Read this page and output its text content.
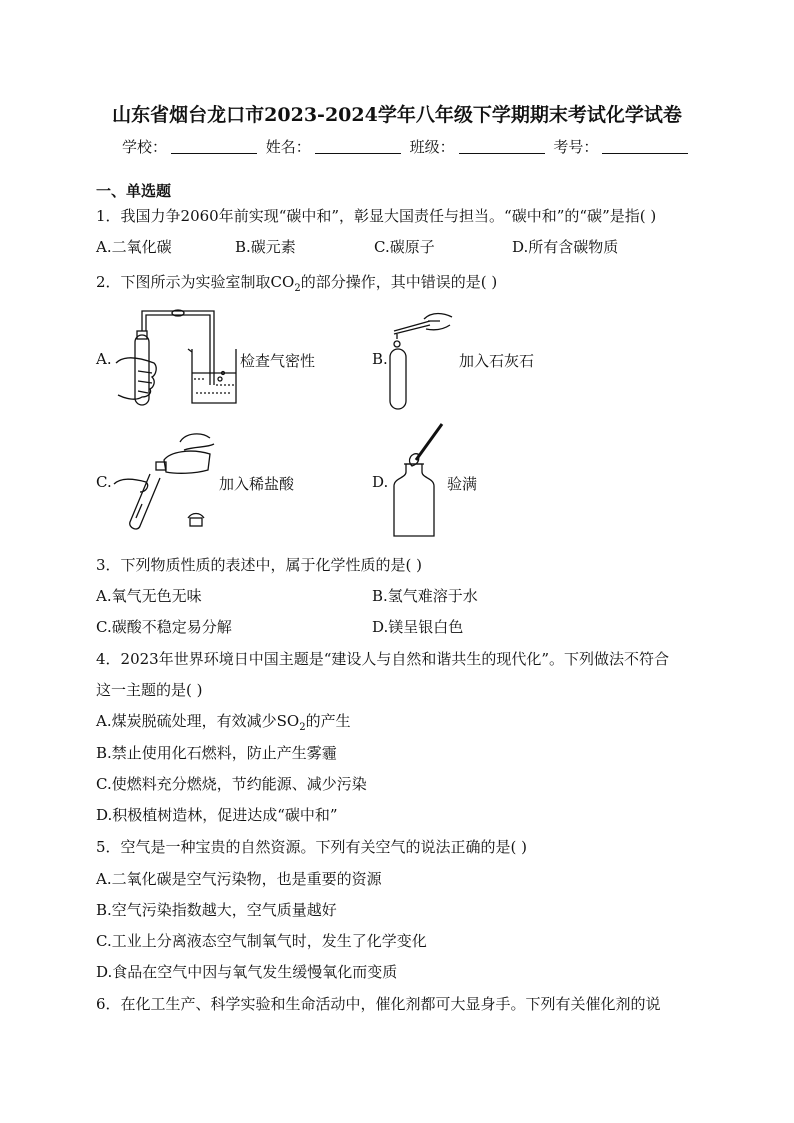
山东省烟台龙口市2023-2024学年八年级下学期期末考试化学试卷
学校：	姓名：	班级：	考号：
一、单选题
1．我国力争2060年前实现“碳中和”，彰显大国责任与担当。“碳中和”的“碳”是指( )
A.二氧化碳	B.碳元素	C.碳原子	D.所有含碳物质
2．下图所示为实验室制取$CO_2$的部分操作，其中错误的是( )
A.	检查气密性	B.	加入石灰石
C.	加入稀盐酸	D.	验满
3．下列物质性质的表述中，属于化学性质的是( )
A.氧气无色无味	B.氢气难溶于水
C.碳酸不稳定易分解	D.镁呈银白色
4．2023年世界环境日中国主题是“建设人与自然和谐共生的现代化”。下列做法不符合
这一主题的是( )
A.煤炭脱硫处理，有效减少$SO_2$的产生
B.禁止使用化石燃料，防止产生雾霾
C.使燃料充分燃烧，节约能源、减少污染
D.积极植树造林，促进达成“碳中和”
5．空气是一种宝贵的自然资源。下列有关空气的说法正确的是( )
A.二氧化碳是空气污染物，也是重要的资源
B.空气污染指数越大，空气质量越好
C.工业上分离液态空气制氧气时，发生了化学变化
D.食品在空气中因与氧气发生缓慢氧化而变质
6．在化工生产、科学实验和生命活动中，催化剂都可大显身手。下列有关催化剂的说
